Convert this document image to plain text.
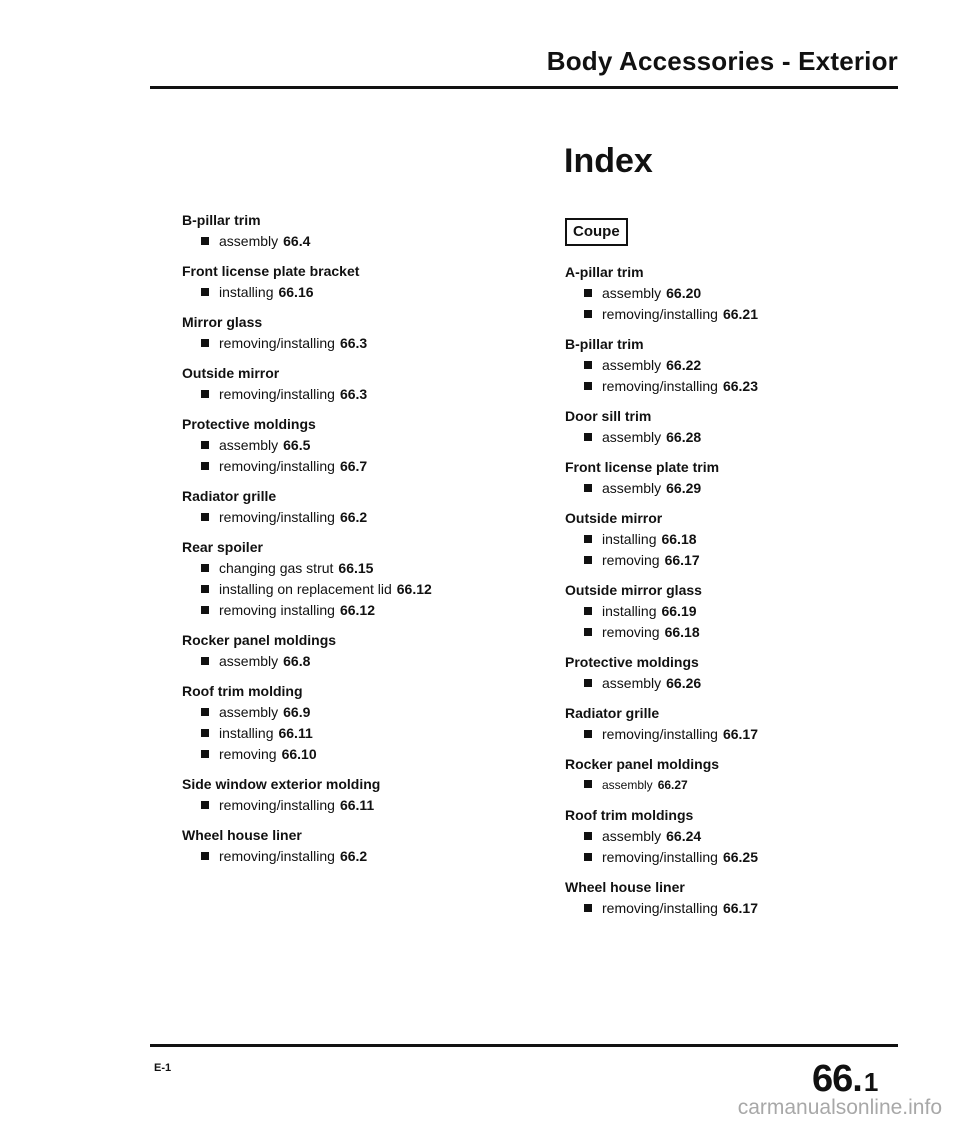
Body Accessories - Exterior
Index
Coupe
B-pillar trim
assembly 66.4
Front license plate bracket
installing 66.16
Mirror glass
removing/installing 66.3
Outside mirror
removing/installing 66.3
Protective moldings
assembly 66.5
removing/installing 66.7
Radiator grille
removing/installing 66.2
Rear spoiler
changing gas strut 66.15
installing on replacement lid 66.12
removing installing 66.12
Rocker panel moldings
assembly 66.8
Roof trim molding
assembly 66.9
installing 66.11
removing 66.10
Side window exterior molding
removing/installing 66.11
Wheel house liner
removing/installing 66.2
A-pillar trim
assembly 66.20
removing/installing 66.21
B-pillar trim
assembly 66.22
removing/installing 66.23
Door sill trim
assembly 66.28
Front license plate trim
assembly 66.29
Outside mirror
installing 66.18
removing 66.17
Outside mirror glass
installing 66.19
removing 66.18
Protective moldings
assembly 66.26
Radiator grille
removing/installing 66.17
Rocker panel moldings
assembly 66.27
Roof trim moldings
assembly 66.24
removing/installing 66.25
Wheel house liner
removing/installing 66.17
E-1	66.1
carmanualsonline.info
